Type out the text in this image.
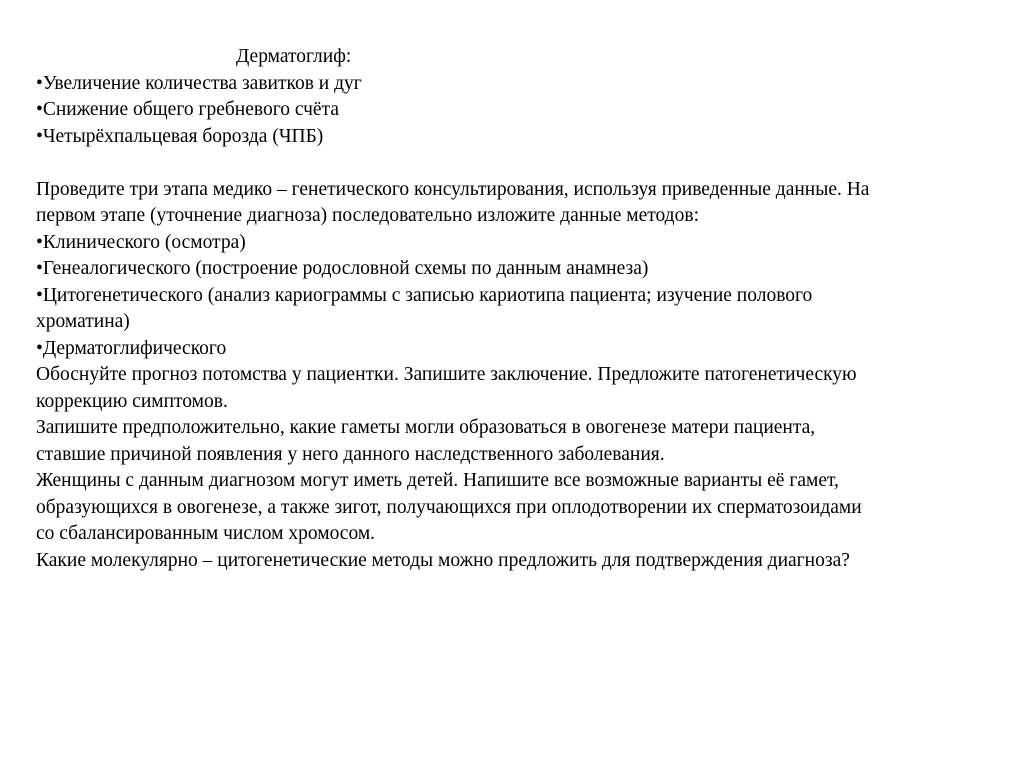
Дерматоглиф:

•Увеличение количества завитков и дуг

•Снижение общего гребневого счёта

•Четырёхпальцевая борозда (ЧПБ)

Проведите три этапа медико – генетического консультирования, используя приведенные данные. На

первом этапе (уточнение диагноза) последовательно изложите данные методов:

•Клинического (осмотра)

•Генеалогического (построение родословной схемы по данным анамнеза)

•Цитогенетического (анализ кариограммы с записью кариотипа пациента; изучение полового

хроматина)

•Дерматоглифического

Обоснуйте прогноз потомства у пациентки. Запишите заключение. Предложите патогенетическую

коррекцию симптомов.

Запишите предположительно, какие гаметы могли образоваться в овогенезе матери пациента,

ставшие причиной появления у него данного наследственного заболевания.

Женщины с данным диагнозом могут иметь детей. Напишите все возможные варианты её гамет,

образующихся в овогенезе, а также зигот, получающихся при оплодотворении их сперматозоидами

со сбалансированным числом хромосом.

Какие молекулярно – цитогенетические методы можно предложить для подтверждения диагноза?
